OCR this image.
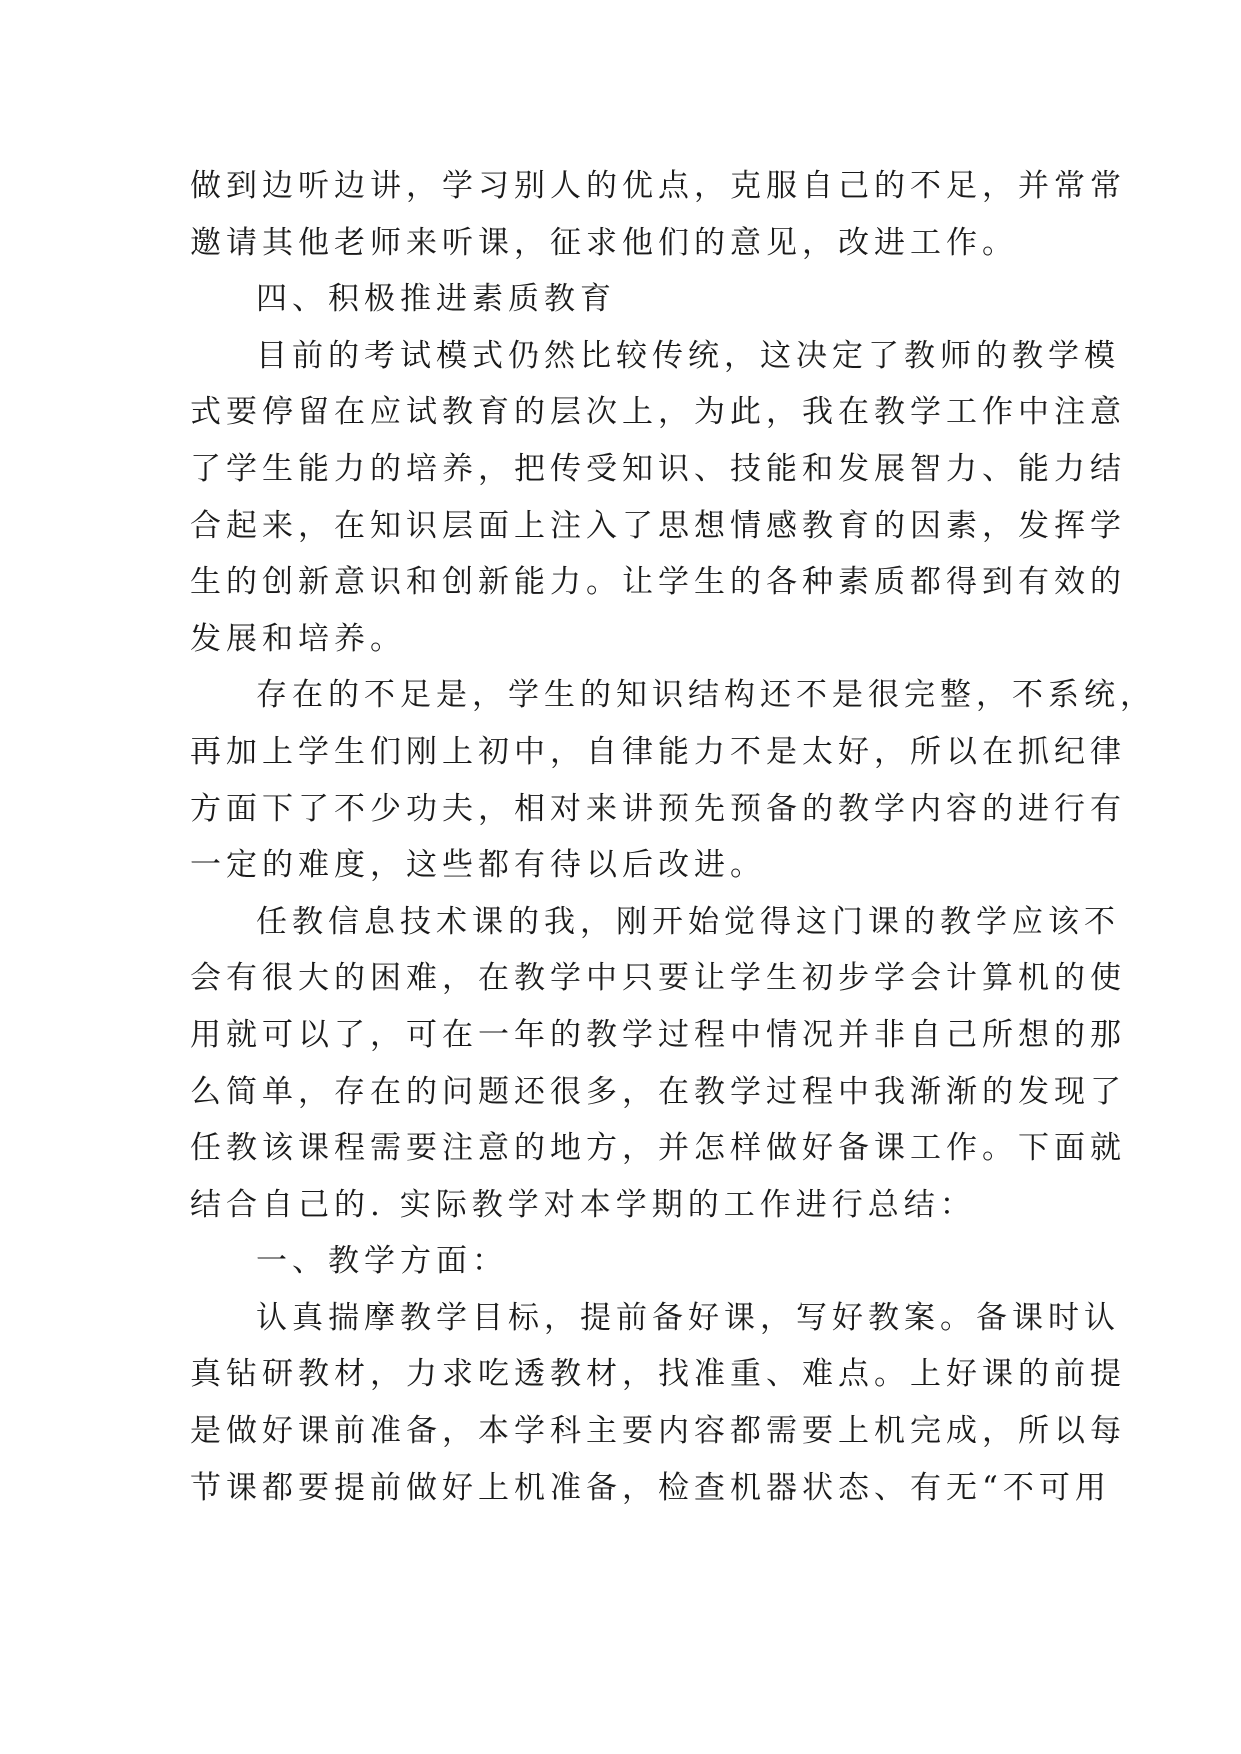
做到边听边讲，学习别人的优点，克服自己的不足，并常常
邀请其他老师来听课，征求他们的意见，改进工作。
四、积极推进素质教育
目前的考试模式仍然比较传统，这决定了教师的教学模
式要停留在应试教育的层次上，为此，我在教学工作中注意
了学生能力的培养，把传受知识、技能和发展智力、能力结
合起来，在知识层面上注入了思想情感教育的因素，发挥学
生的创新意识和创新能力。让学生的各种素质都得到有效的
发展和培养。
存在的不足是，学生的知识结构还不是很完整，不系统，
再加上学生们刚上初中，自律能力不是太好，所以在抓纪律
方面下了不少功夫，相对来讲预先预备的教学内容的进行有
一定的难度，这些都有待以后改进。
任教信息技术课的我，刚开始觉得这门课的教学应该不
会有很大的困难，在教学中只要让学生初步学会计算机的使
用就可以了，可在一年的教学过程中情况并非自己所想的那
么简单，存在的问题还很多，在教学过程中我渐渐的发现了
任教该课程需要注意的地方，并怎样做好备课工作。下面就
结合自己的. 实际教学对本学期的工作进行总结：
一、教学方面：
认真揣摩教学目标，提前备好课，写好教案。备课时认
真钻研教材，力求吃透教材，找准重、难点。上好课的前提
是做好课前准备，本学科主要内容都需要上机完成，所以每
节课都要提前做好上机准备，检查机器状态、有无“不可用
